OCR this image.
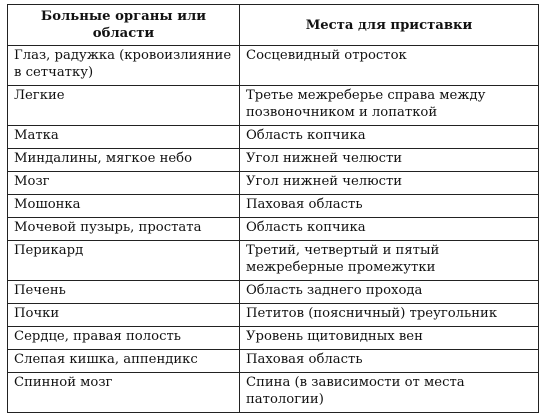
Больные органы или области	Места для приставки
Глаз, радужка (кровоизлияние в сетчатку)	Сосцевидный отросток
Легкие	Третье межреберье справа между позвоночником и лопаткой
Матка	Область копчика
Миндалины, мягкое небо	Угол нижней челюсти
Мозг	Угол нижней челюсти
Мошонка	Паховая область
Мочевой пузырь, простата	Область копчика
Перикард	Третий, четвертый и пятый межреберные промежутки
Печень	Область заднего прохода
Почки	Петитов (поясничный) треугольник
Сердце, правая полость	Уровень щитовидных вен
Слепая кишка, аппендикс	Паховая область
Спинной мозг	Спина (в зависимости от места патологии)
